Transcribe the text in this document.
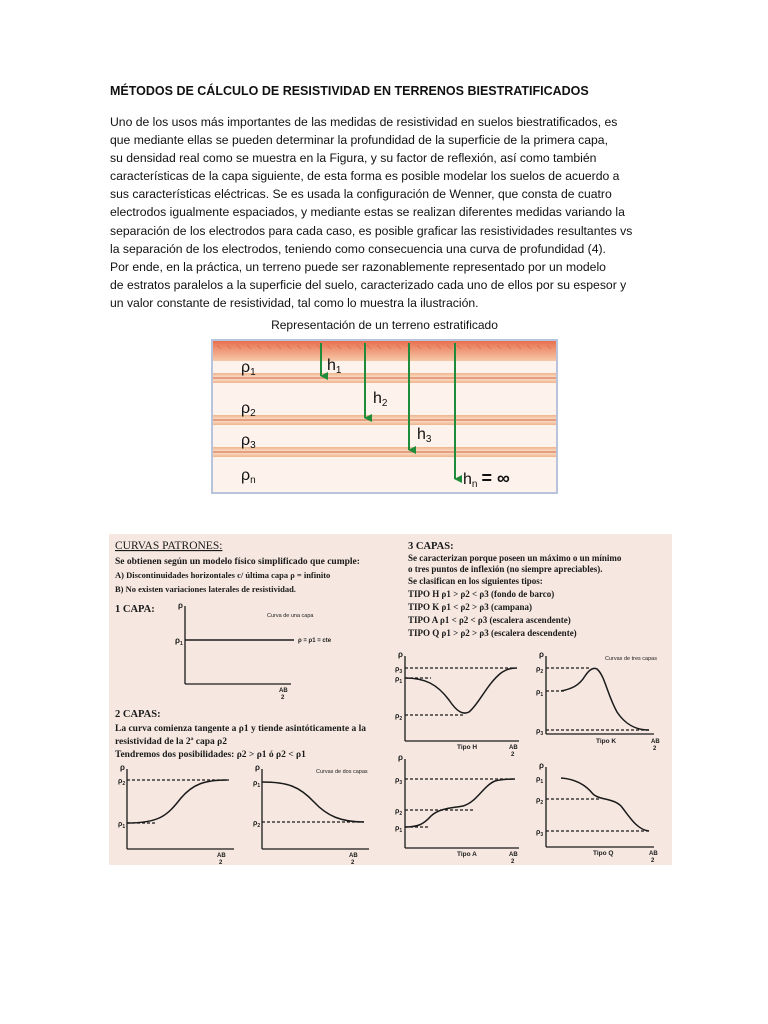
MÉTODOS DE CÁLCULO DE RESISTIVIDAD EN TERRENOS BIESTRATIFICADOS

Uno de los usos más importantes de las medidas de resistividad en suelos biestratificados, es
que mediante ellas se pueden determinar la profundidad de la superficie de la primera capa,
su densidad real como se muestra en la Figura, y su factor de reflexión, así como también
características de la capa siguiente, de esta forma es posible modelar los suelos de acuerdo a
sus características eléctricas. Se es usada la configuración de Wenner, que consta de cuatro
electrodos igualmente espaciados, y mediante estas se realizan diferentes medidas variando la
separación de los electrodos para cada caso, es posible graficar las resistividades resultantes vs
la separación de los electrodos, teniendo como consecuencia una curva de profundidad (4).
Por ende, en la práctica, un terreno puede ser razonablemente representado por un modelo
de estratos paralelos a la superficie del suelo, caracterizado cada uno de ellos por su espesor y
un valor constante de resistividad, tal como lo muestra la ilustración.

Representación de un terreno estratificado
ρ1
ρ2
ρ3
ρn
h1
h2
h3
hn = ∞
CURVAS PATRONES:
Se obtienen según un modelo físico simplificado que cumple:
A) Discontinuidades horizontales c/ última capa ρ = infinito
B) No existen variaciones laterales de resistividad.
1 CAPA:
2 CAPAS:
La curva comienza tangente a ρ1 y tiende asintóticamente a la
resistividad de la 2ª capa ρ2
Tendremos dos posibilidades: ρ2 > ρ1 ó ρ2 < ρ1
3 CAPAS:
Se caracterizan porque poseen un máximo o un mínimo
o tres puntos de inflexión (no siempre apreciables).
Se clasifican en los siguientes tipos:
TIPO H ρ1 > ρ2 < ρ3 (fondo de barco)
TIPO K ρ1 < ρ2 > ρ3 (campana)
TIPO A ρ1 < ρ2 < ρ3 (escalera ascendente)
TIPO Q ρ1 > ρ2 > ρ3 (escalera descendente)
ρ
$\rho_1$
Curva de una capa
ρ = ρ1 = cte
AB
2
ρ
$\rho_2$
$\rho_1$
AB
2
ρ
$\rho_1$
$\rho_2$
Curvas de dos capas
AB
2
ρ
$\rho_3$
$\rho_1$
$\rho_2$
Tipo H	AB
2
ρ
$\rho_2$
$\rho_1$
$\rho_3$
Curvas de tres capas
Tipo K	AB
2
ρ
$\rho_3$
$\rho_2$
$\rho_1$
Tipo A	AB
2
ρ
$\rho_1$
$\rho_2$
$\rho_3$
Tipo Q	AB
2
